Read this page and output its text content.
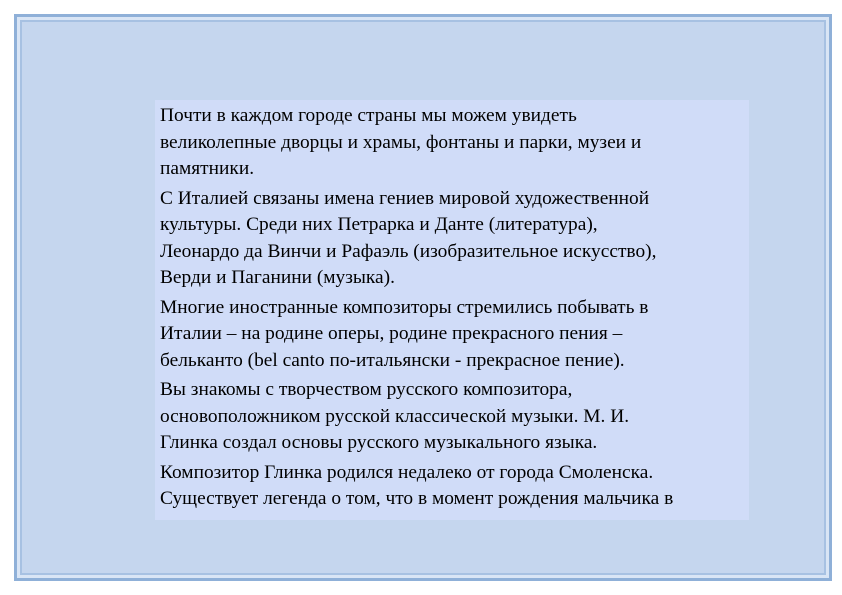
Почти в каждом городе страны мы можем увидеть
великолепные дворцы и храмы, фонтаны и парки, музеи и
памятники.

С Италией связаны имена гениев мировой художественной
культуры. Среди них Петрарка и Данте (литература),
Леонардо да Винчи и Рафаэль (изобразительное искусство),
Верди и Паганини (музыка).

Многие иностранные композиторы стремились побывать в
Италии – на родине оперы, родине прекрасного пения –
бельканто (bel canto по-итальянски - прекрасное пение).

Вы знакомы с творчеством русского композитора,
основоположником русской классической музыки. М. И.
Глинка создал основы русского музыкального языка.

Композитор Глинка родился недалеко от города Смоленска.
Существует легенда о том, что в момент рождения мальчика в
